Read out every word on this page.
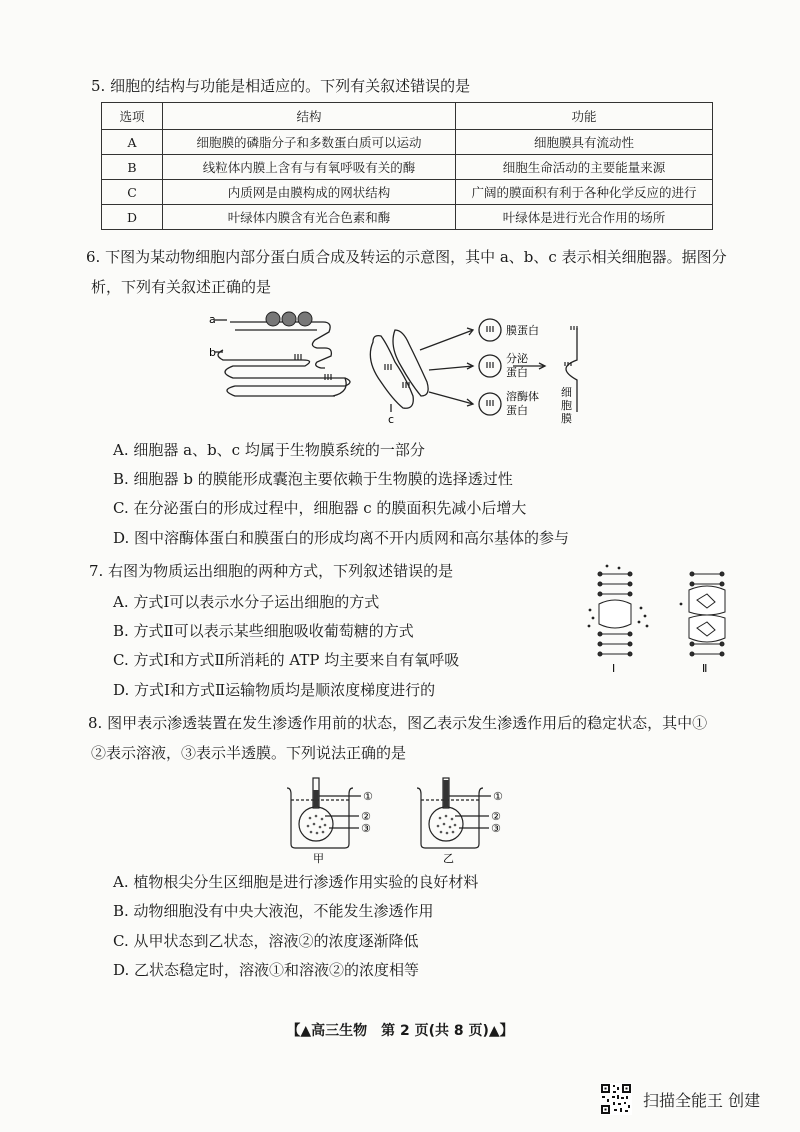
5. 细胞的结构与功能是相适应的。下列有关叙述错误的是
选项	结构	功能
A	细胞膜的磷脂分子和多数蛋白质可以运动	细胞膜具有流动性
B	线粒体内膜上含有与有氧呼吸有关的酶	细胞生命活动的主要能量来源
C	内质网是由膜构成的网状结构	广阔的膜面积有利于各种化学反应的进行
D	叶绿体内膜含有光合色素和酶	叶绿体是进行光合作用的场所
6. 下图为某动物细胞内部分蛋白质合成及转运的示意图，其中 a、b、c 表示相关细胞器。据图分
析，下列有关叙述正确的是
a
b
c
膜蛋白
分泌
蛋白
溶酶体
蛋白
细
胞
膜
A. 细胞器 a、b、c 均属于生物膜系统的一部分
B. 细胞器 b 的膜能形成囊泡主要依赖于生物膜的选择透过性
C. 在分泌蛋白的形成过程中，细胞器 c 的膜面积先减小后增大
D. 图中溶酶体蛋白和膜蛋白的形成均离不开内质网和高尔基体的参与
7. 右图为物质运出细胞的两种方式，下列叙述错误的是
A. 方式Ⅰ可以表示水分子运出细胞的方式
B. 方式Ⅱ可以表示某些细胞吸收葡萄糖的方式
C. 方式Ⅰ和方式Ⅱ所消耗的 ATP 均主要来自有氧呼吸
D. 方式Ⅰ和方式Ⅱ运输物质均是顺浓度梯度进行的
Ⅰ	Ⅱ
8. 图甲表示渗透装置在发生渗透作用前的状态，图乙表示发生渗透作用后的稳定状态，其中①
②表示溶液，③表示半透膜。下列说法正确的是
①
②
③
①
②
③
甲	乙
A. 植物根尖分生区细胞是进行渗透作用实验的良好材料
B. 动物细胞没有中央大液泡，不能发生渗透作用
C. 从甲状态到乙状态，溶液②的浓度逐渐降低
D. 乙状态稳定时，溶液①和溶液②的浓度相等
【▲高三生物　第 2 页(共 8 页)▲】
扫描全能王 创建
